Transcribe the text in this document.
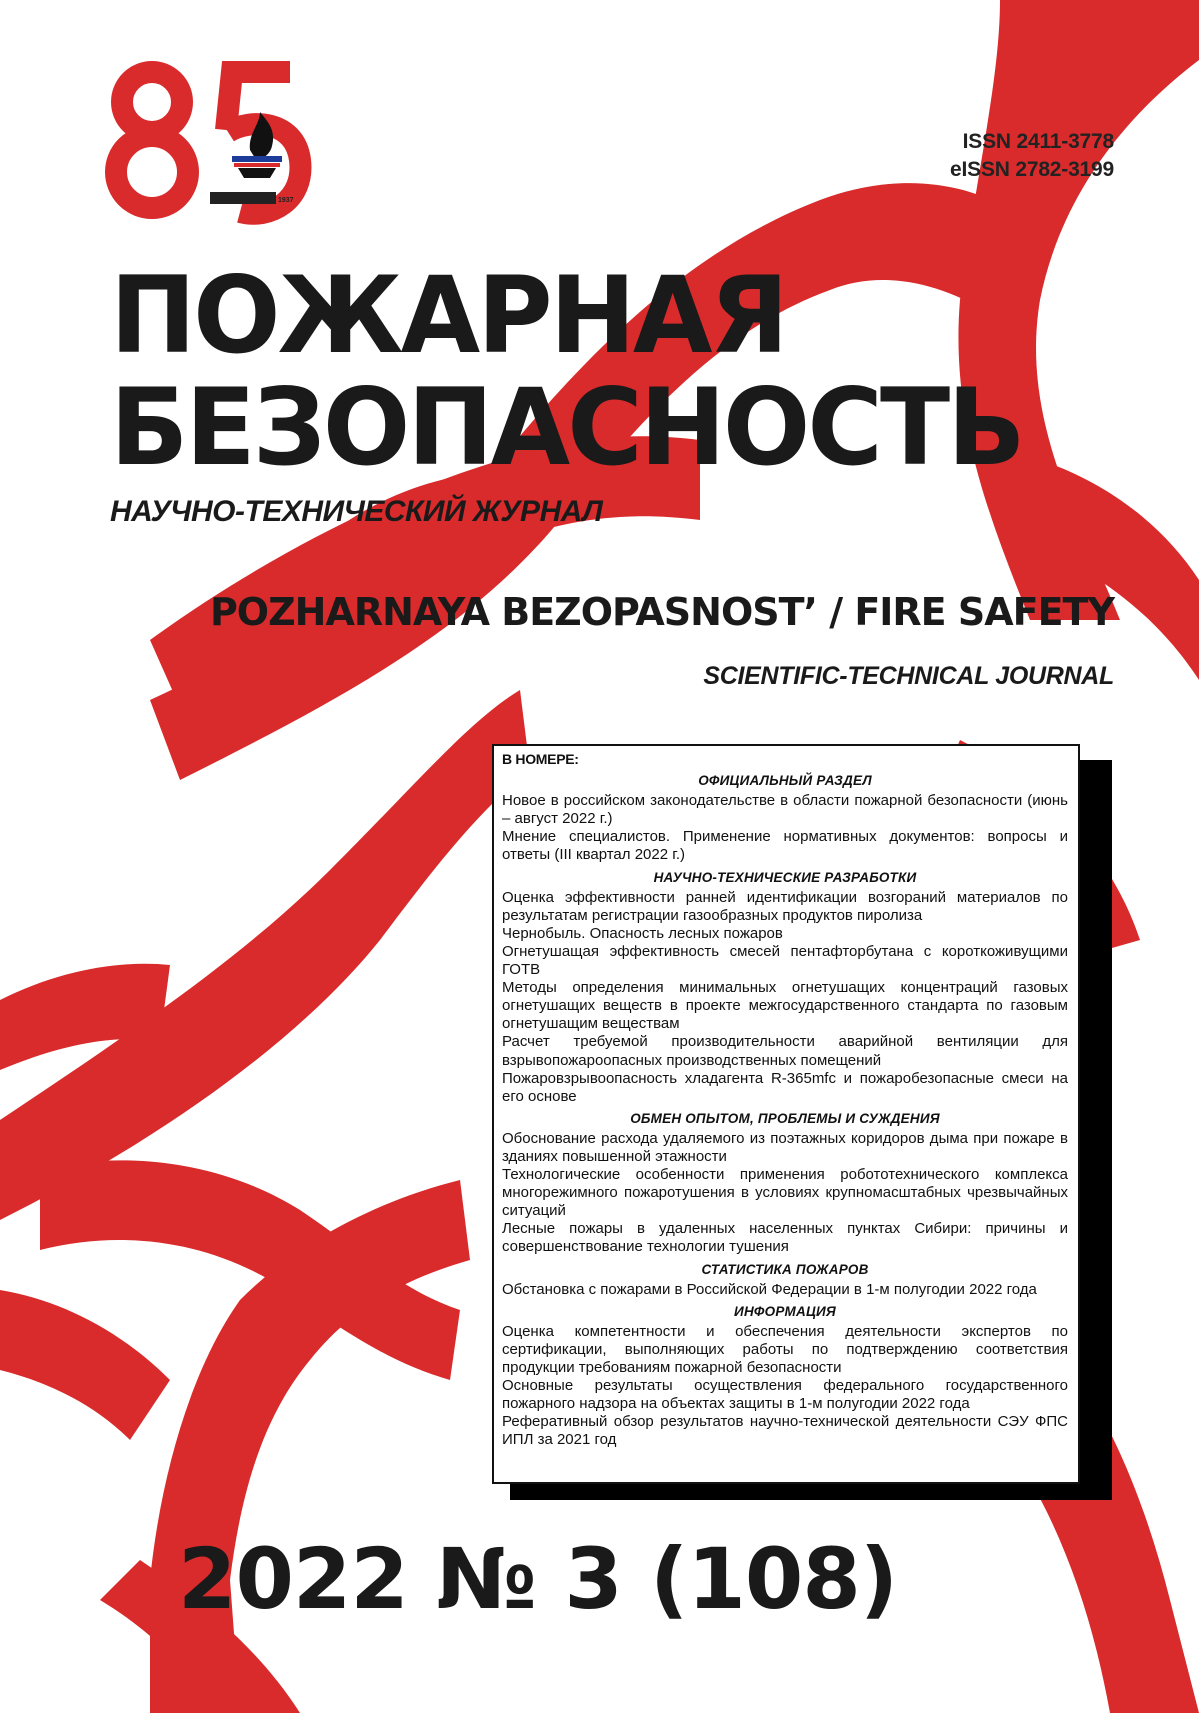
1937
ISSN 2411-3778
eISSN 2782-3199
ПОЖАРНАЯ
БЕЗОПАСНОСТЬ
НАУЧНО-ТЕХНИЧЕСКИЙ ЖУРНАЛ
POZHARNAYA BEZOPASNOST’ / FIRE SAFETY
SCIENTIFIC-TECHNICAL JOURNAL
В НОМЕРЕ:
ОФИЦИАЛЬНЫЙ РАЗДЕЛ
Новое в российском законодательстве в области пожарной безопасности (июнь – август 2022 г.)
Мнение специалистов. Применение нормативных документов: вопросы и ответы (III квартал 2022 г.)
НАУЧНО-ТЕХНИЧЕСКИЕ РАЗРАБОТКИ
Оценка эффективности ранней идентификации возгораний материалов по результатам регистрации газообразных продуктов пиролиза
Чернобыль. Опасность лесных пожаров
Огнетушащая эффективность смесей пентафторбутана с короткоживущими ГОТВ
Методы определения минимальных огнетушащих концентраций газовых огнетушащих веществ в проекте межгосударственного стандарта по газовым огнетушащим веществам
Расчет требуемой производительности аварийной вентиляции для взрывопожароопасных производственных помещений
Пожаровзрывоопасность хладагента R-365mfc и пожаробезопасные смеси на его основе
ОБМЕН ОПЫТОМ, ПРОБЛЕМЫ И СУЖДЕНИЯ
Обоснование расхода удаляемого из поэтажных коридоров дыма при пожаре в зданиях повышенной этажности
Технологические особенности применения робототехнического комплекса многорежимного пожаротушения в условиях крупномасштабных чрезвычайных ситуаций
Лесные пожары в удаленных населенных пунктах Сибири: причины и совершенствование технологии тушения
СТАТИСТИКА ПОЖАРОВ
Обстановка с пожарами в Российской Федерации в 1-м полугодии 2022 года
ИНФОРМАЦИЯ
Оценка компетентности и обеспечения деятельности экспертов по сертификации, выполняющих работы по подтверждению соответствия продукции требованиям пожарной безопасности
Основные результаты осуществления федерального государственного пожарного надзора на объектах защиты в 1-м полугодии 2022 года
Реферативный обзор результатов научно-технической деятельности СЭУ ФПС ИПЛ за 2021 год
2022 № 3 (108)
